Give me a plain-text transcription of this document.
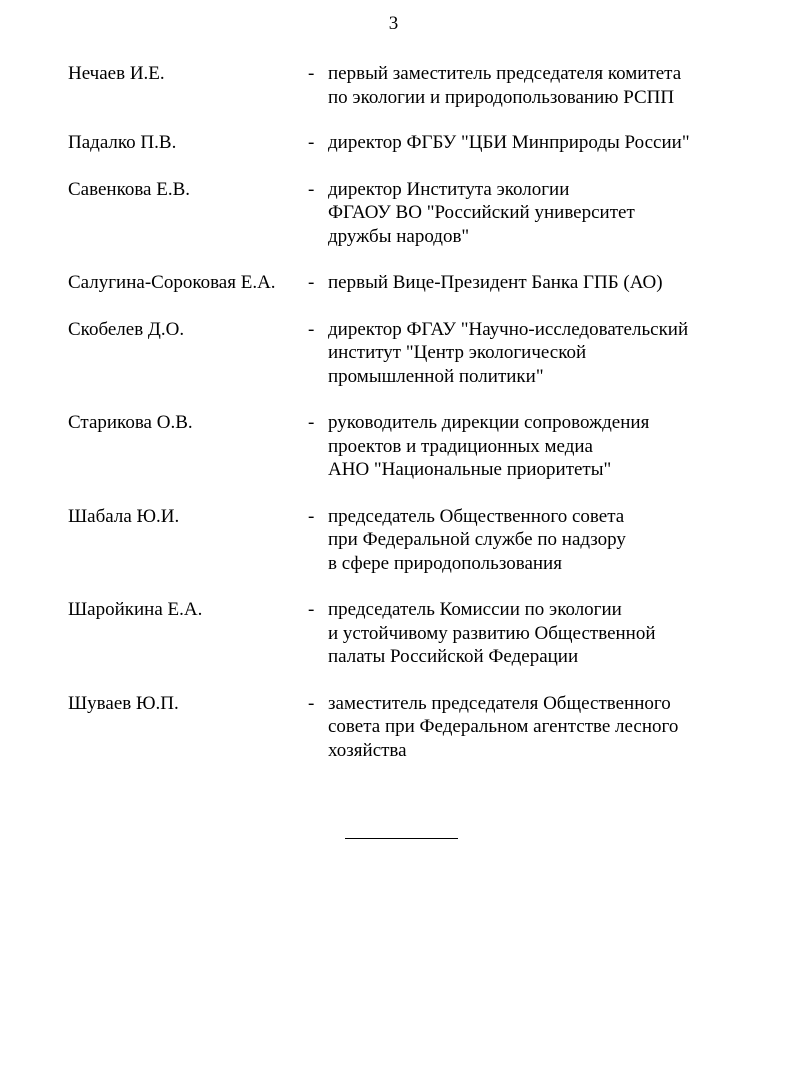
3
Нечаев И.Е.	- первый заместитель председателя комитета
по экологии и природопользованию РСПП
Падалко П.В.	- директор ФГБУ "ЦБИ Минприроды России"
Савенкова Е.В.	- директор Института экологии
ФГАОУ ВО "Российский университет
дружбы народов"
Салугина-Сороковая Е.А.	- первый Вице-Президент Банка ГПБ (АО)
Скобелев Д.О.	- директор ФГАУ "Научно-исследовательский
институт "Центр экологической
промышленной политики"
Старикова О.В.	- руководитель дирекции сопровождения
проектов и традиционных медиа
АНО "Национальные приоритеты"
Шабала Ю.И.	- председатель Общественного совета
при Федеральной службе по надзору
в сфере природопользования
Шаройкина Е.А.	- председатель Комиссии по экологии
и устойчивому развитию Общественной
палаты Российской Федерации
Шуваев Ю.П.	- заместитель председателя Общественного
совета при Федеральном агентстве лесного
хозяйства
